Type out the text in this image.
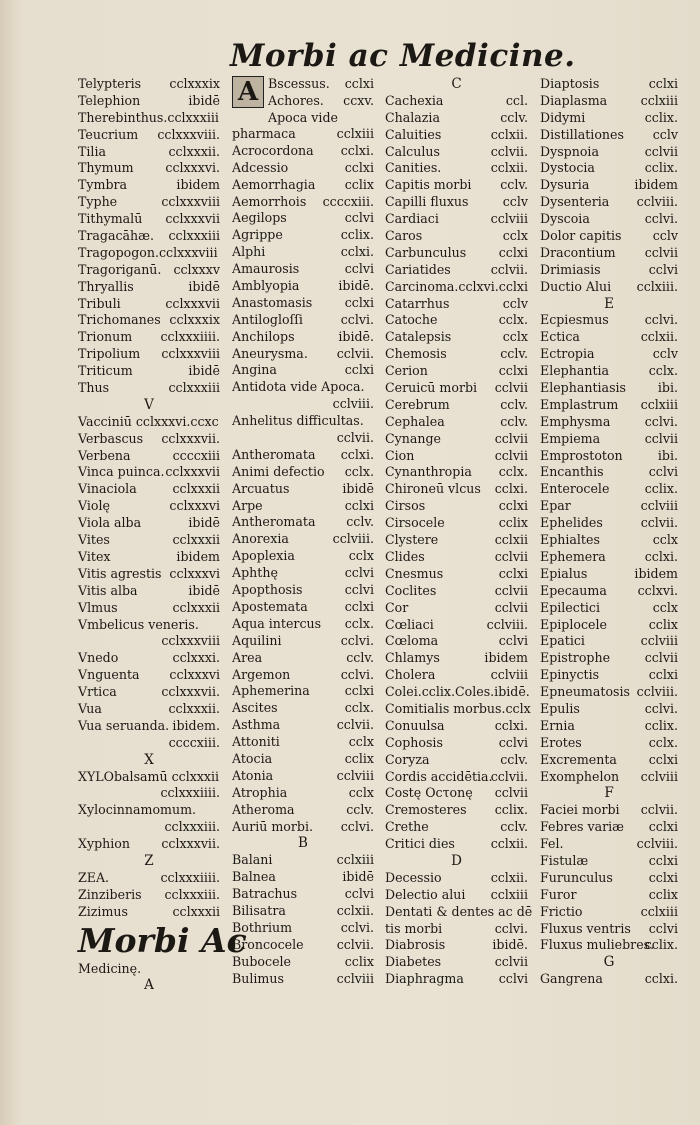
Morbi ac Medicine.
Telypteris cclxxxix
Telephion	ibidē
Therebinthus.cclxxxiii
Teucrium cclxxxviii.
Tilia	cclxxxii.
Thymum	cclxxxvi.
Tymbra	ibidem
Typhe	cclxxxviii
Tithymalū cclxxxvii
Tragacāhæ. cclxxxiii
Tragopogon.cclxxxviii
Tragoriganū. cclxxxv
Thryallis	ibidē
Tribuli	cclxxxvii
Trichomanes cclxxxix
Trionum cclxxxiiii.
Tripolium cclxxxviii
Triticum	ibidē
Thus	cclxxxiii
V
Vacciniū cclxxxvi.ccxc
Verbascus cclxxxvii.
Verbena	ccccxiii
Vinca puinca. cclxxxvii
Vinaciola	cclxxxii
Violę	cclxxxvi
Viola alba	ibidē
Vites	cclxxxii
Vitex	ibidem
Vitis agrestis cclxxxvi
Vitis alba	ibidē
Vlmus	cclxxxii
Vmbelicus veneris.
cclxxxviii
Vnedo	cclxxxi.
Vnguenta cclxxxvi
Vrtica	cclxxxvii.
Vua	cclxxxii.
Vua seruanda. ibidem.
ccccxiii.
X
XYLObalsamū cclxxxii
cclxxxiiii.
Xylocinnamomum.
cclxxxiii.
Xyphion cclxxxvii.
Z
ZEA.	cclxxxiiii.
Zinziberis cclxxxiii.
Zizimus	cclxxxii
Morbi Ac
Medicinę.
A
A Bscessus. cclxi
Achores. ccxv.
Apoca vide
pharmaca	cclxiii
Acrocordona cclxi.
Adcessio	cclxi
Aemorrhagia cclix
Aemorrhois ccccxiii.
Aegilops	cclvi
Agrippe	cclix.
Alphi	cclxi.
Amaurosis	cclvi
Amblyopia	ibidē.
Anastomasis	cclxi
Antilogloſſi	cclvi.
Anchilops	ibidē.
Aneurysma. cclvii.
Angina	cclxi
Antidota vide Apoca.
cclviii.
Anhelitus difficultas.
cclvii.
Antheromata cclxi.
Animi defectio cclx.
Arcuatus	ibidē
Arpe	cclxi
Antheromata cclv.
Anorexia	cclviii.
Apoplexia	cclx
Aphthę	cclvi
Apopthosis	cclvi
Apostemata	cclxi
Aqua intercus cclx.
Aquilini	cclvi.
Area	cclv.
Argemon	cclvi.
Aphemerina	cclxi
Ascites	cclx.
Asthma	cclvii.
Attoniti	cclx
Atocia	cclix
Atonia	cclviii
Atrophia	cclx
Atheroma	cclv.
Auriū morbi. cclvi.
B
Balani	cclxiii
Balnea	ibidē
Batrachus	cclvi
Bilisatra	cclxii.
Bothrium	cclvi.
Broncocele	cclvii.
Bubocele	cclix
Bulimus	cclviii
C
Cachexia	ccl.
Chalazia	cclv.
Caluities	cclxii.
Calculus	cclvii.
Canities.	cclxii.
Capitis morbi cclv.
Capilli fluxus	cclv
Cardiaci	cclviii
Caros	cclx
Carbunculus	cclxi
Cariatides	cclvii.
Carcinoma.cclxvi.cclxi
Catarrhus	cclv
Catoche	cclx.
Catalepsis	cclx
Chemosis	cclv.
Cerion	cclxi
Ceruicū morbi cclvii
Cerebrum	cclv.
Cephalea	cclv.
Cynange	cclvii
Cion	cclvii
Cynanthropia cclx.
Chironeū vlcus cclxi.
Cirsos	cclxi
Cirsocele	cclix
Clystere	cclxii
Clides	cclvii
Cnesmus	cclxi
Coclites	cclvii
Cor	cclvii
Cœliaci	cclviii.
Cœloma	cclvi
Chlamys	ibidem
Cholera	cclviii
Colei.cclix.Coles.ibidē.
Comitialis morbus.cclx
Conuulsa	cclxi.
Cophosis	cclvi
Coryza	cclv.
Cordis accidētia.
cclvii.
Costę Ocτonę cclvii
Cremosteres cclix.
Crethe	cclv.
Critici dies	cclxii.
D
Decessio	cclxii.
Delectio alui cclxiii
Dentati & dentes ac dē
tis morbi	cclvi.
Diabrosis	ibidē.
Diabetes	cclvii
Diaphragma	cclvi
Diaptosis	cclxi
Diaplasma	cclxiii
Didymi	cclix.
Distillationes cclv
Dyspnoia	cclvii
Dystocia	cclix.
Dysuria	ibidem
Dysenteria cclviii.
Dyscoia	cclvi.
Dolor capitis cclv
Dracontium cclvii
Drimiasis	cclvi
Ductio Alui cclxiii.
E
Ecpiesmus	cclvi.
Ectica	cclxii.
Ectropia	cclv
Elephantia	cclx.
Elephantiasis	ibi.
Emplastrum cclxiii
Emphysma	cclvi.
Empiema	cclvii
Emprostoton	ibi.
Encanthis	cclvi
Enterocele	cclix.
Epar	cclviii
Ephelides	cclvii.
Ephialtes	cclx
Ephemera	cclxi.
Epialus	ibidem
Epecauma cclxvi.
Epilectici	cclx
Epiplocele	cclix
Epatici	cclviii
Epistrophe	cclvii
Epinyctis	cclxi
Epneumatosis cclviii.
Epulis	cclvi.
Ernia	cclix.
Erotes	cclx.
Excrementa	cclxi
Exomphelon cclviii
F
Faciei morbi cclvii.
Febres variæ cclxi
Fel.	cclviii.
Fistulæ	cclxi
Furunculus	cclxi
Furor	cclix
Frictio	cclxiii
Fluxus ventris cclvi
Fluxus muliebres.
cclix.
G
Gangrena	cclxi.
